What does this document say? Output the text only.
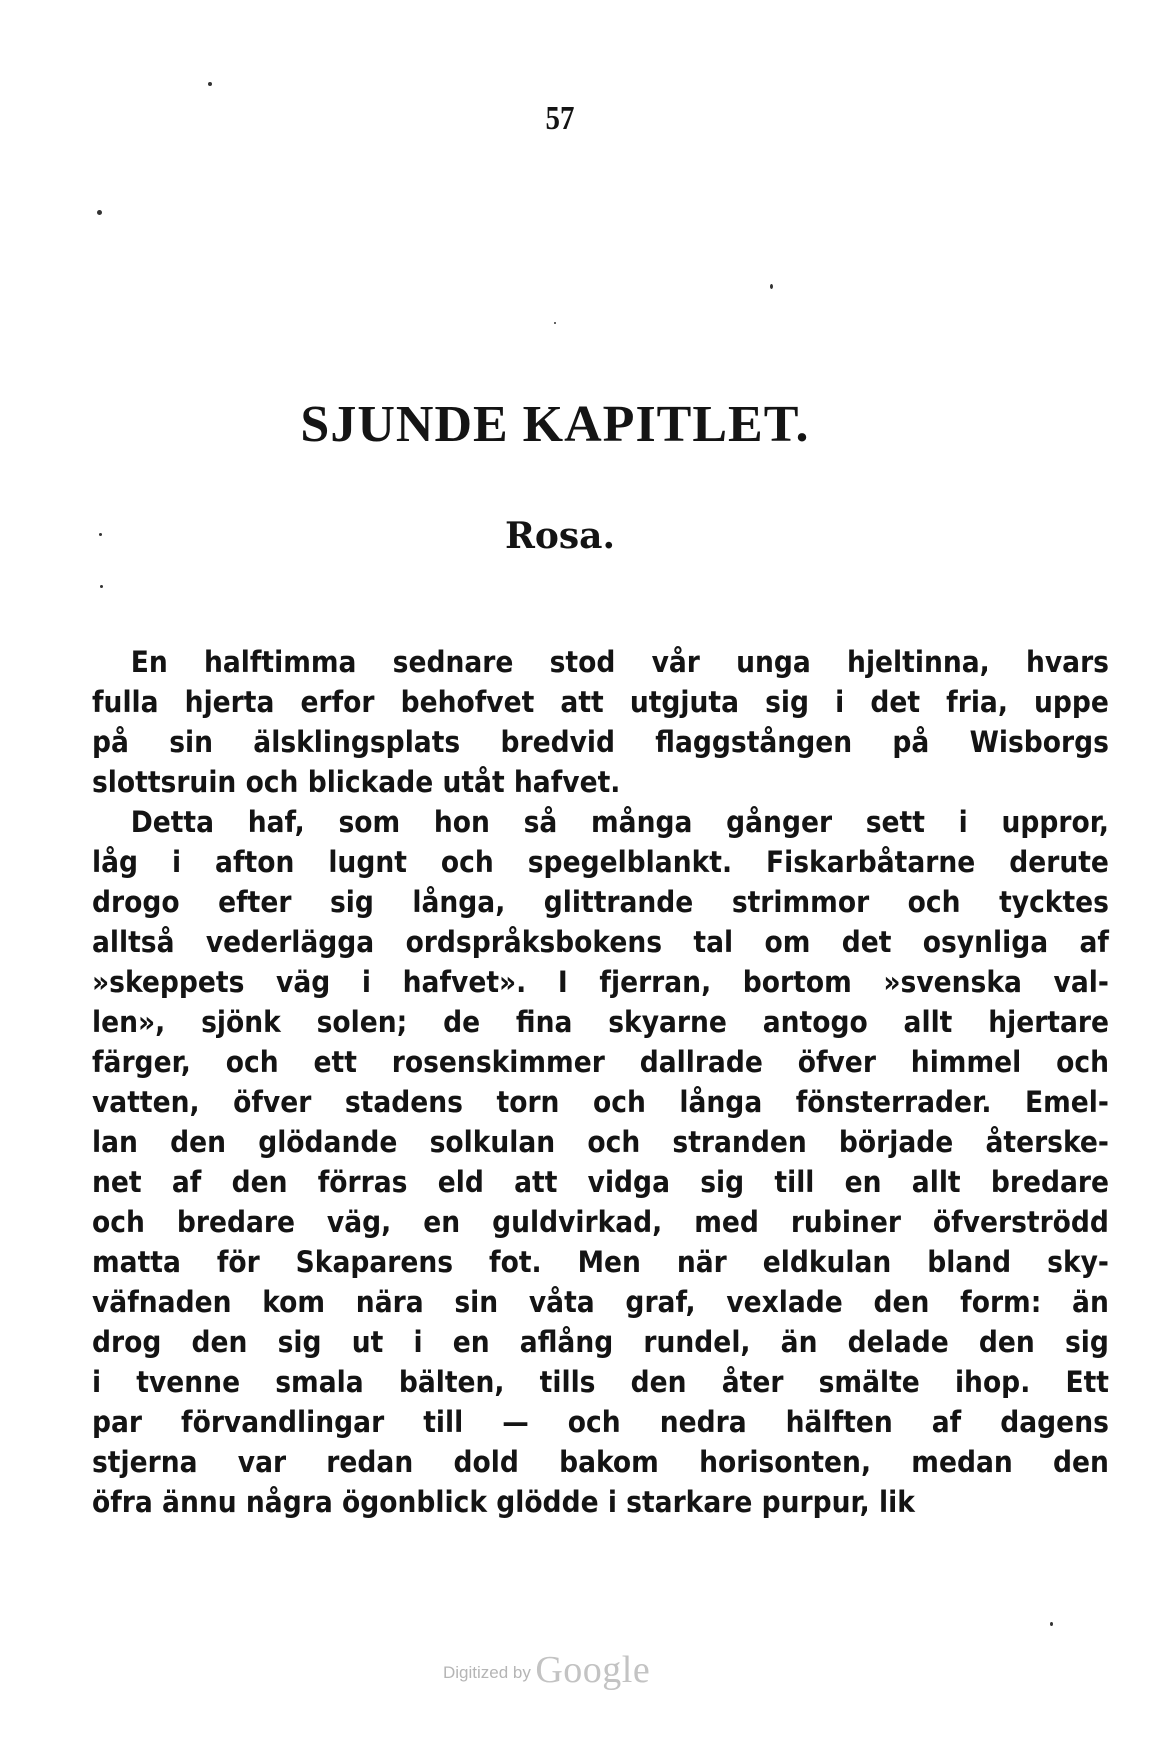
57
SJUNDE KAPITLET.
Rosa.
En halftimma sednare stod vår unga hjeltinna, hvars
fulla hjerta erfor behofvet att utgjuta sig i det fria, uppe
på sin älsklingsplats bredvid flaggstången på Wisborgs
slottsruin och blickade utåt hafvet.
Detta haf, som hon så många gånger sett i uppror,
låg i afton lugnt och spegelblankt. Fiskarbåtarne derute
drogo efter sig långa, glittrande strimmor och tycktes
alltså vederlägga ordspråksbokens tal om det osynliga af
»skeppets väg i hafvet». I fjerran, bortom »svenska val-
len», sjönk solen; de fina skyarne antogo allt hjertare
färger, och ett rosenskimmer dallrade öfver himmel och
vatten, öfver stadens torn och långa fönsterrader. Emel-
lan den glödande solkulan och stranden började återske-
net af den förras eld att vidga sig till en allt bredare
och bredare väg, en guldvirkad, med rubiner öfverströdd
matta för Skaparens fot. Men när eldkulan bland sky-
väfnaden kom nära sin våta graf, vexlade den form: än
drog den sig ut i en aflång rundel, än delade den sig
i tvenne smala bälten, tills den åter smälte ihop. Ett
par förvandlingar till — och nedra hälften af dagens
stjerna var redan dold bakom horisonten, medan den
öfra ännu några ögonblick glödde i starkare purpur, lik
Digitized by Google
